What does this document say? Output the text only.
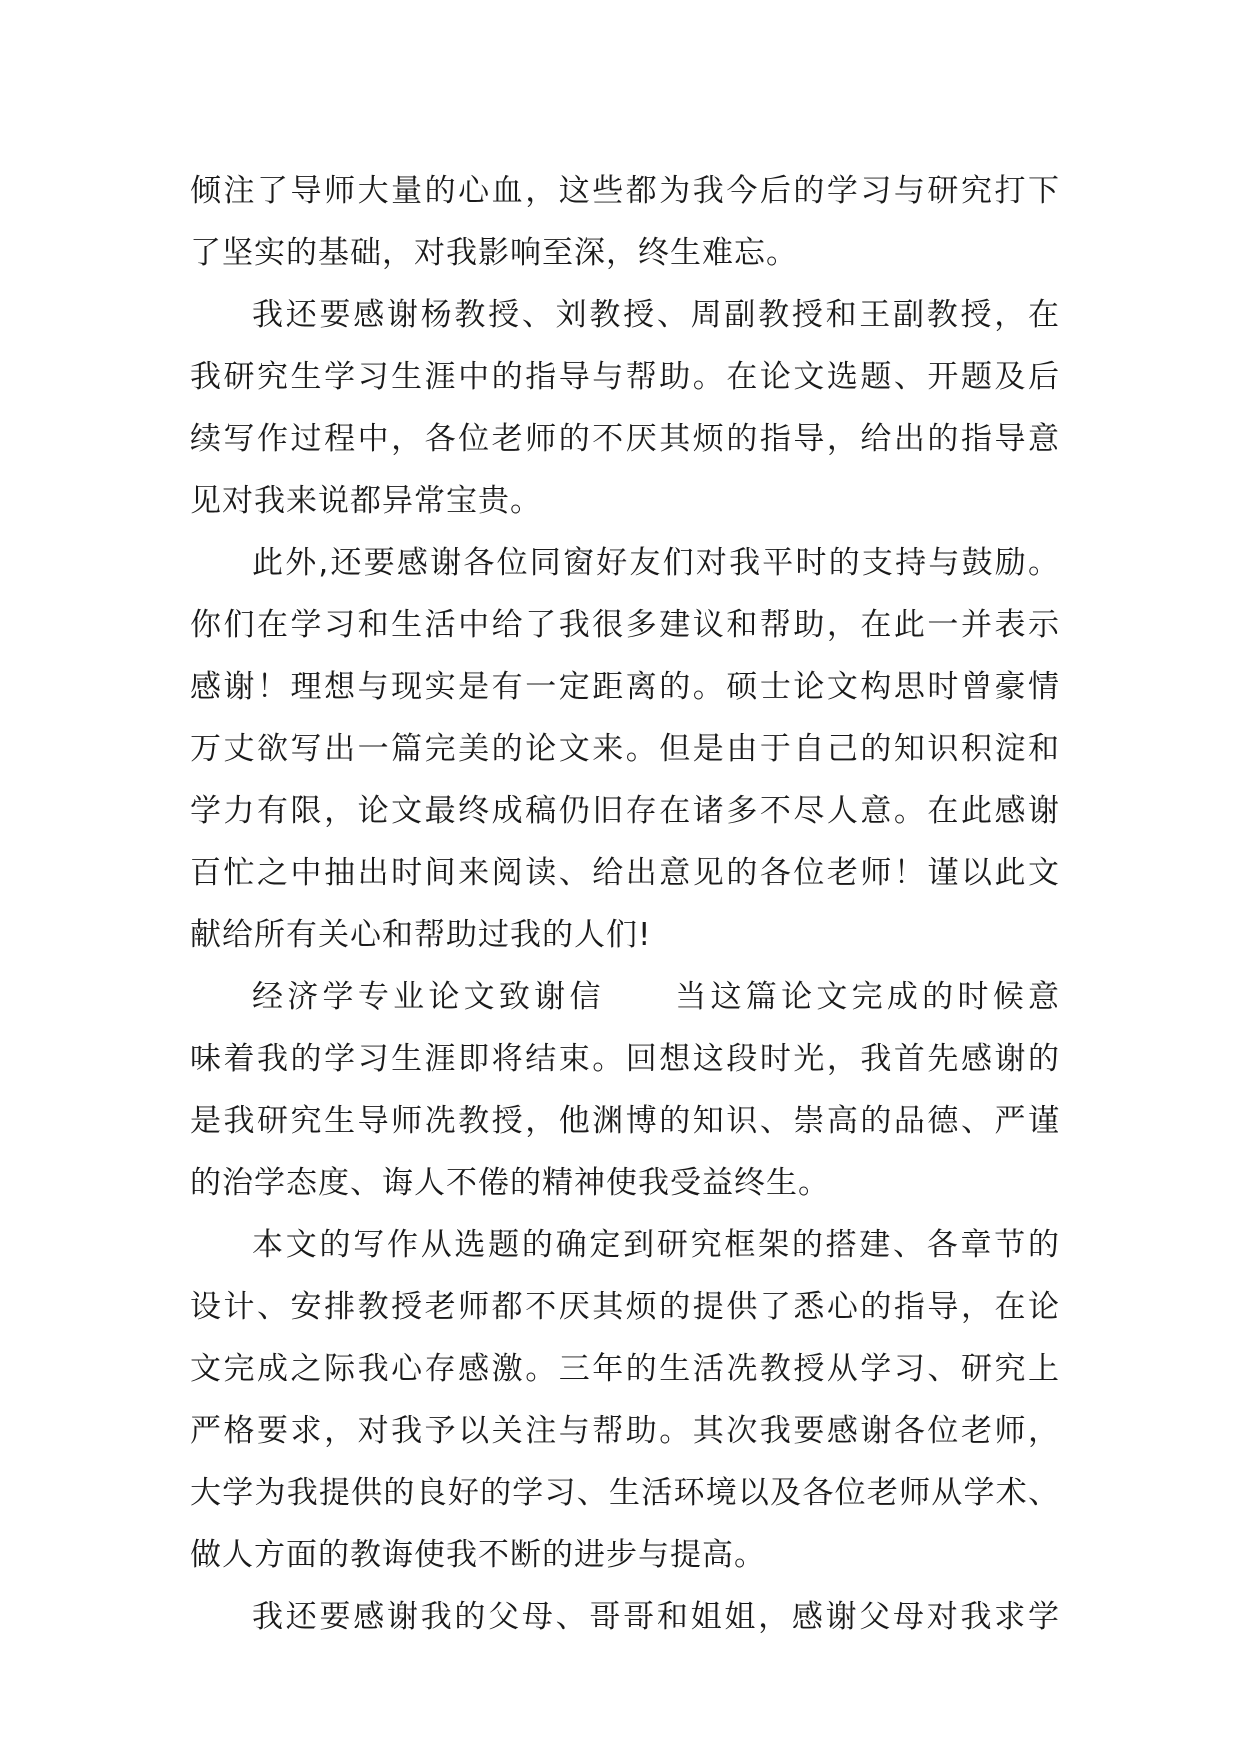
倾注了导师大量的心血，这些都为我今后的学习与研究打下
了坚实的基础，对我影响至深，终生难忘。
我还要感谢杨教授、刘教授、周副教授和王副教授，在
我研究生学习生涯中的指导与帮助。在论文选题、开题及后
续写作过程中，各位老师的不厌其烦的指导，给出的指导意
见对我来说都异常宝贵。
此外,还要感谢各位同窗好友们对我平时的支持与鼓励。
你们在学习和生活中给了我很多建议和帮助，在此一并表示
感谢！理想与现实是有一定距离的。硕士论文构思时曾豪情
万丈欲写出一篇完美的论文来。但是由于自己的知识积淀和
学力有限，论文最终成稿仍旧存在诸多不尽人意。在此感谢
百忙之中抽出时间来阅读、给出意见的各位老师！谨以此文
献给所有关心和帮助过我的人们!
经济学专业论文致谢信　　当这篇论文完成的时候意
味着我的学习生涯即将结束。回想这段时光，我首先感谢的
是我研究生导师冼教授，他渊博的知识、崇高的品德、严谨
的治学态度、诲人不倦的精神使我受益终生。
本文的写作从选题的确定到研究框架的搭建、各章节的
设计、安排教授老师都不厌其烦的提供了悉心的指导，在论
文完成之际我心存感激。三年的生活冼教授从学习、研究上
严格要求，对我予以关注与帮助。其次我要感谢各位老师，
大学为我提供的良好的学习、生活环境以及各位老师从学术、
做人方面的教诲使我不断的进步与提高。
我还要感谢我的父母、哥哥和姐姐，感谢父母对我求学
